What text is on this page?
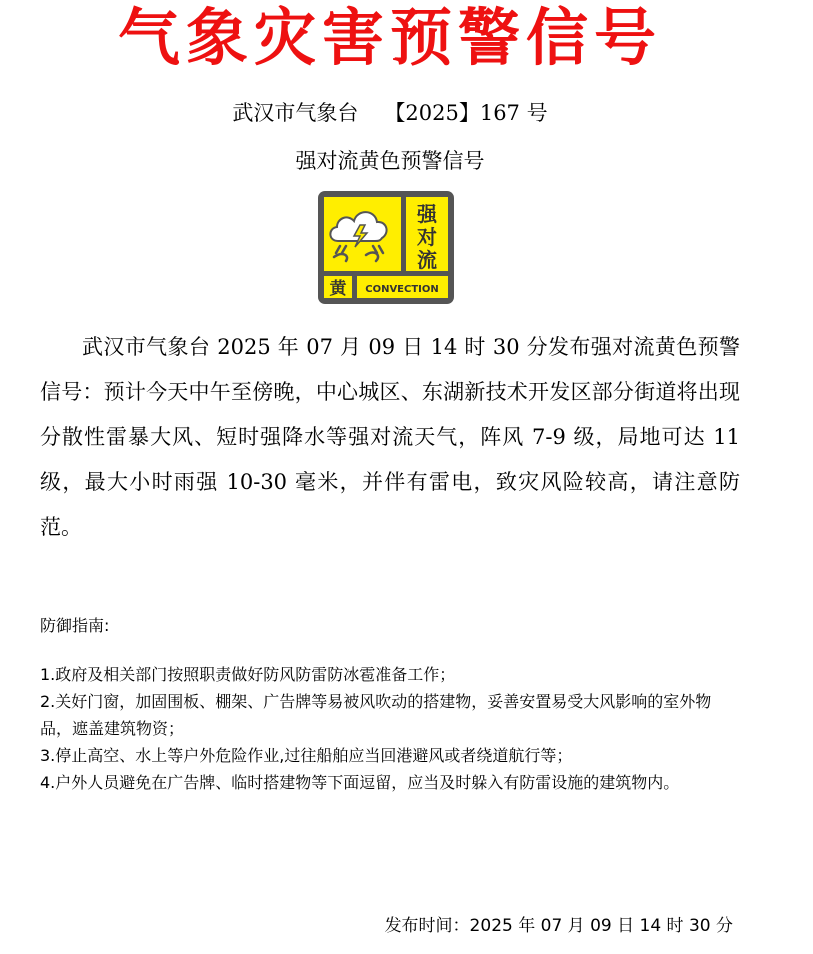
气象灾害预警信号
武汉市气象台 【2025】167 号
强对流黄色预警信号
强
对
流
黄 CONVECTION

武汉市气象台 2025 年 07 月 09 日 14 时 30 分发布强对流黄色预警信号：预计今天中午至傍晚，中心城区、东湖新技术开发区部分街道将出现分散性雷暴大风、短时强降水等强对流天气，阵风 7-9 级，局地可达 11 级，最大小时雨强 10-30 毫米，并伴有雷电，致灾风险较高，请注意防范。

防御指南:

1.政府及相关部门按照职责做好防风防雷防冰雹准备工作；

2.关好门窗，加固围板、棚架、广告牌等易被风吹动的搭建物，妥善安置易受大风影响的室外物品，遮盖建筑物资；

3.停止高空、水上等户外危险作业,过往船舶应当回港避风或者绕道航行等；

4.户外人员避免在广告牌、临时搭建物等下面逗留，应当及时躲入有防雷设施的建筑物内。

发布时间：2025 年 07 月 09 日 14 时 30 分
